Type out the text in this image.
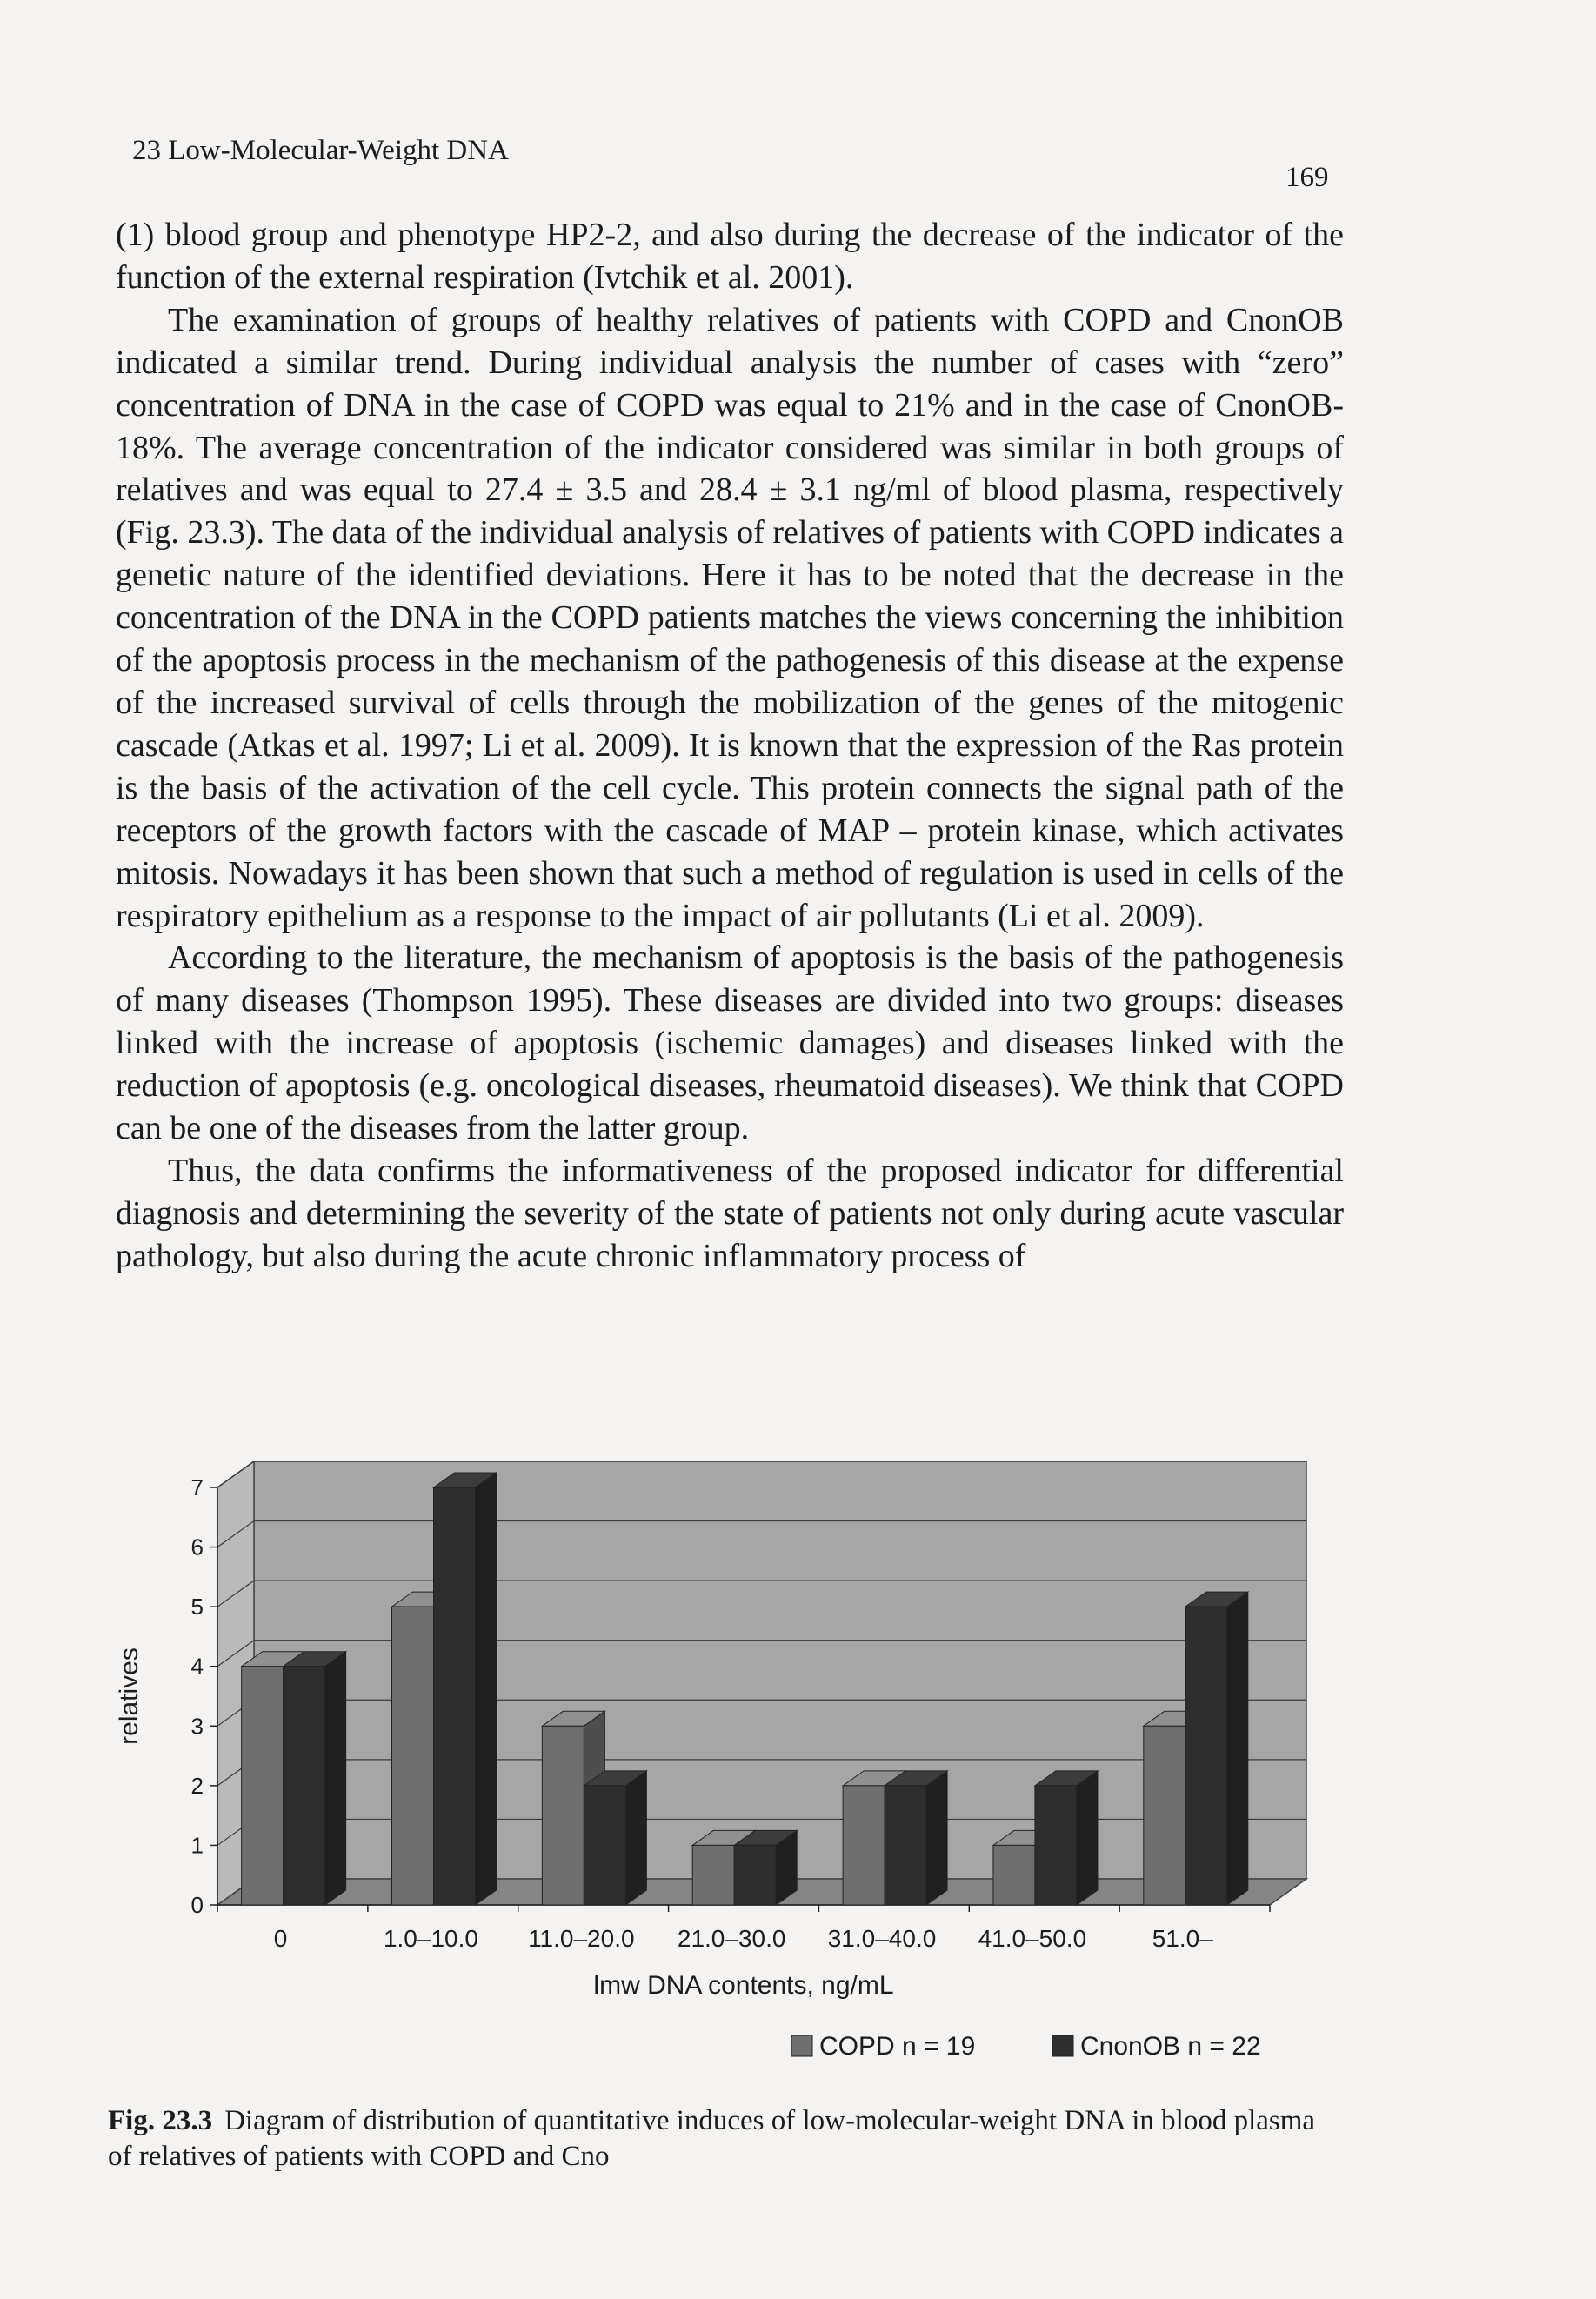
23 Low-Molecular-Weight DNA
169

(1) blood group and phenotype HP2-2, and also during the decrease of the indicator of the function of the external respiration (Ivtchik et al. 2001).

The examination of groups of healthy relatives of patients with COPD and CnonOB indicated a similar trend. During individual analysis the number of cases with “zero” concentration of DNA in the case of COPD was equal to 21% and in the case of CnonOB-18%. The average concentration of the indicator considered was similar in both groups of relatives and was equal to 27.4 ± 3.5 and 28.4 ± 3.1 ng/ml of blood plasma, respectively (Fig. 23.3). The data of the individual analysis of relatives of patients with COPD indicates a genetic nature of the identified deviations. Here it has to be noted that the decrease in the concentration of the DNA in the COPD patients matches the views concerning the inhibition of the apoptosis process in the mechanism of the pathogenesis of this disease at the expense of the increased survival of cells through the mobilization of the genes of the mitogenic cascade (Atkas et al. 1997; Li et al. 2009). It is known that the expression of the Ras protein is the basis of the activation of the cell cycle. This protein connects the signal path of the receptors of the growth factors with the cascade of MAP – protein kinase, which activates mitosis. Nowadays it has been shown that such a method of regulation is used in cells of the respiratory epithelium as a response to the impact of air pollutants (Li et al. 2009).

According to the literature, the mechanism of apoptosis is the basis of the pathogenesis of many diseases (Thompson 1995). These diseases are divided into two groups: diseases linked with the increase of apoptosis (ischemic damages) and diseases linked with the reduction of apoptosis (e.g. oncological diseases, rheumatoid diseases). We think that COPD can be one of the diseases from the latter group.

Thus, the data confirms the informativeness of the proposed indicator for differential diagnosis and determining the severity of the state of patients not only during acute vascular pathology, but also during the acute chronic inflammatory process of

0
1
2
3
4
5
6
7
0	1.0–10.0 11.0–20.0 21.0–30.0 31.0–40.0 41.0–50.0	51.0–
lmw DNA contents, ng/mL
relatives
COPD n = 19	CnonOB n = 22
Fig. 23.3 Diagram of distribution of quantitative induces of low-molecular-weight DNA in blood plasma of relatives of patients with COPD and Cno
